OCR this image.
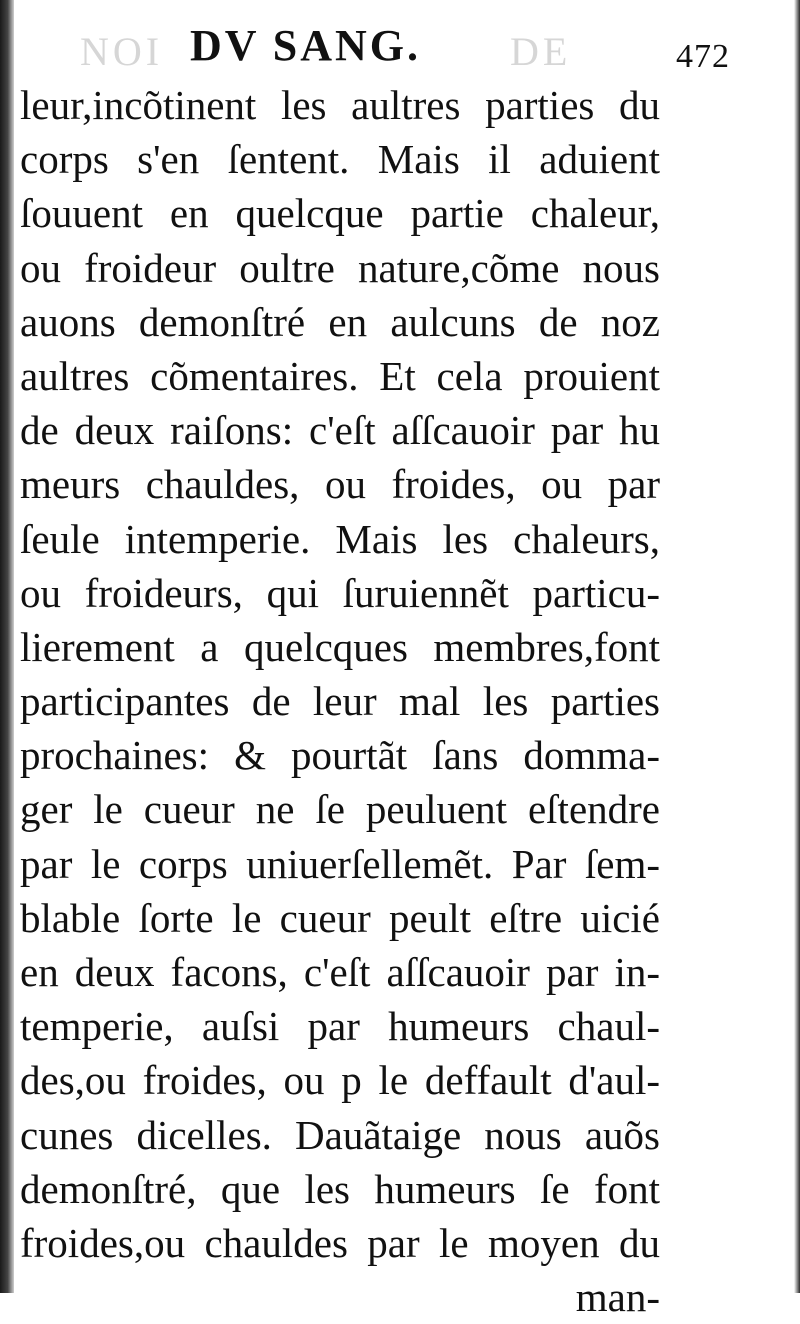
NOI	DE
DV SANG.	472
leur,incõtinent les aultres parties du
corps s'en ſentent. Mais il aduient
ſouuent en quelcque partie chaleur,
ou froideur oultre nature,cõme nous
auons demonſtré en aulcuns de noz
aultres cõmentaires. Et cela prouient
de deux raiſons: c'eſt aſſcauoir par hu
meurs chauldes, ou froides, ou par
ſeule intemperie. Mais les chaleurs,
ou froideurs, qui ſuruiennẽt particu-
lierement a quelcques membres,font
participantes de leur mal les parties
prochaines: & pourtãt ſans domma-
ger le cueur ne ſe peuluent eſtendre
par le corps uniuerſellemẽt. Par ſem-
blable ſorte le cueur peult eſtre uicié
en deux facons, c'eſt aſſcauoir par in-
temperie, auſsi par humeurs chaul-
des,ou froides, ou p le deffault d'aul-
cunes dicelles. Dauãtaige nous auõs
demonſtré, que les humeurs ſe font
froides,ou chauldes par le moyen du
man-
